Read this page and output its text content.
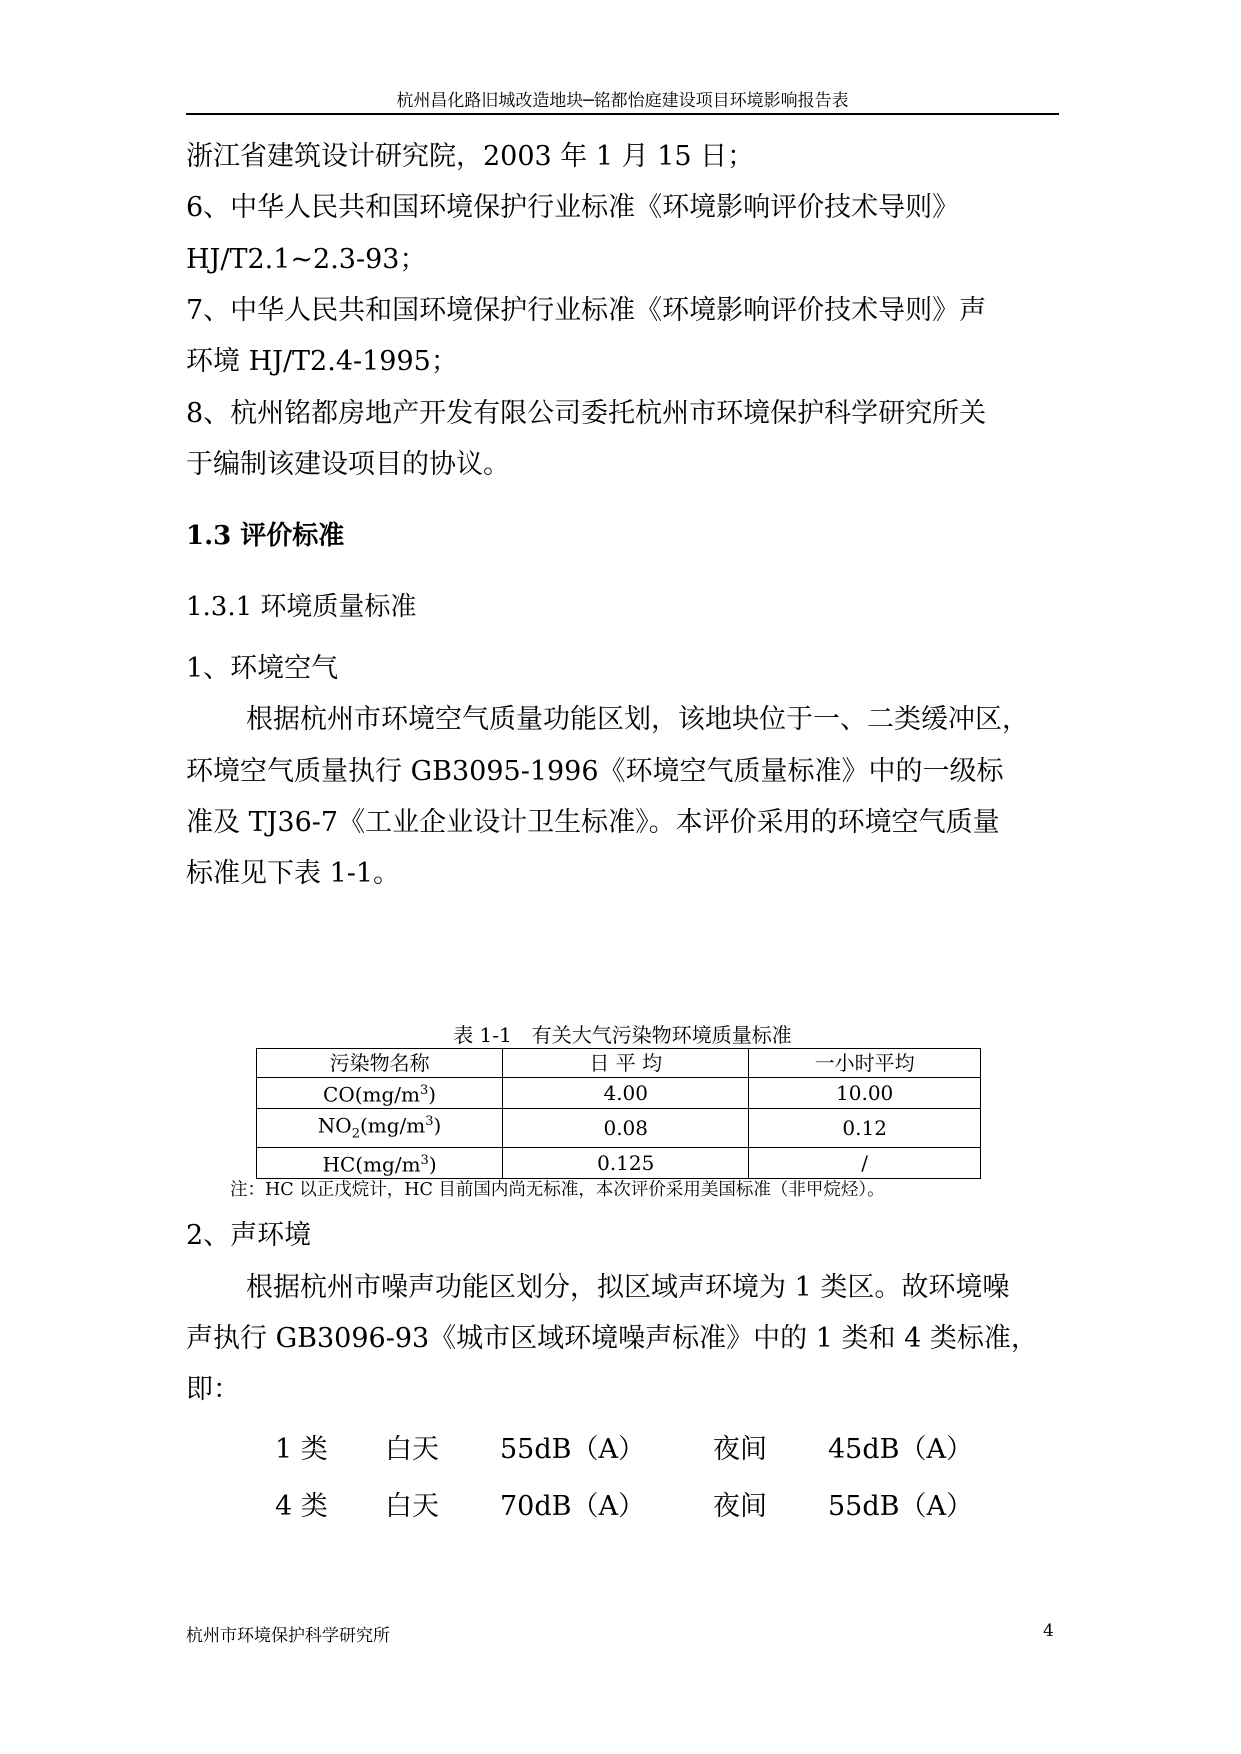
杭州昌化路旧城改造地块─铭都怡庭建设项目环境影响报告表
浙江省建筑设计研究院，2003 年 1 月 15 日；
6、中华人民共和国环境保护行业标准《环境影响评价技术导则》
HJ/T2.1~2.3-93；
7、中华人民共和国环境保护行业标准《环境影响评价技术导则》声
环境 HJ/T2.4-1995；
8、杭州铭都房地产开发有限公司委托杭州市环境保护科学研究所关
于编制该建设项目的协议。
1.3 评价标准
1.3.1 环境质量标准
1、环境空气
根据杭州市环境空气质量功能区划，该地块位于一、二类缓冲区，
环境空气质量执行 GB3095-1996《环境空气质量标准》中的一级标
准及 TJ36-7《工业企业设计卫生标准》。本评价采用的环境空气质量
标准见下表 1-1。
表 1-1　有关大气污染物环境质量标准
污染物名称	日 平 均	一小时平均
$CO(mg/m^3)$	4.00	10.00
$NO_2(mg/m^3)$	0.08	0.12
$HC(mg/m^3)$	0.125	/
注：HC 以正戊烷计，HC 目前国内尚无标准，本次评价采用美国标准（非甲烷烃）。
2、声环境
根据杭州市噪声功能区划分，拟区域声环境为 1 类区。故环境噪
声执行 GB3096-93《城市区域环境噪声标准》中的 1 类和 4 类标准，
即：
1 类 白天 55dB（A）	夜间 45dB（A）
4 类 白天 70dB（A）	夜间 55dB（A）
杭州市环境保护科学研究所	4
